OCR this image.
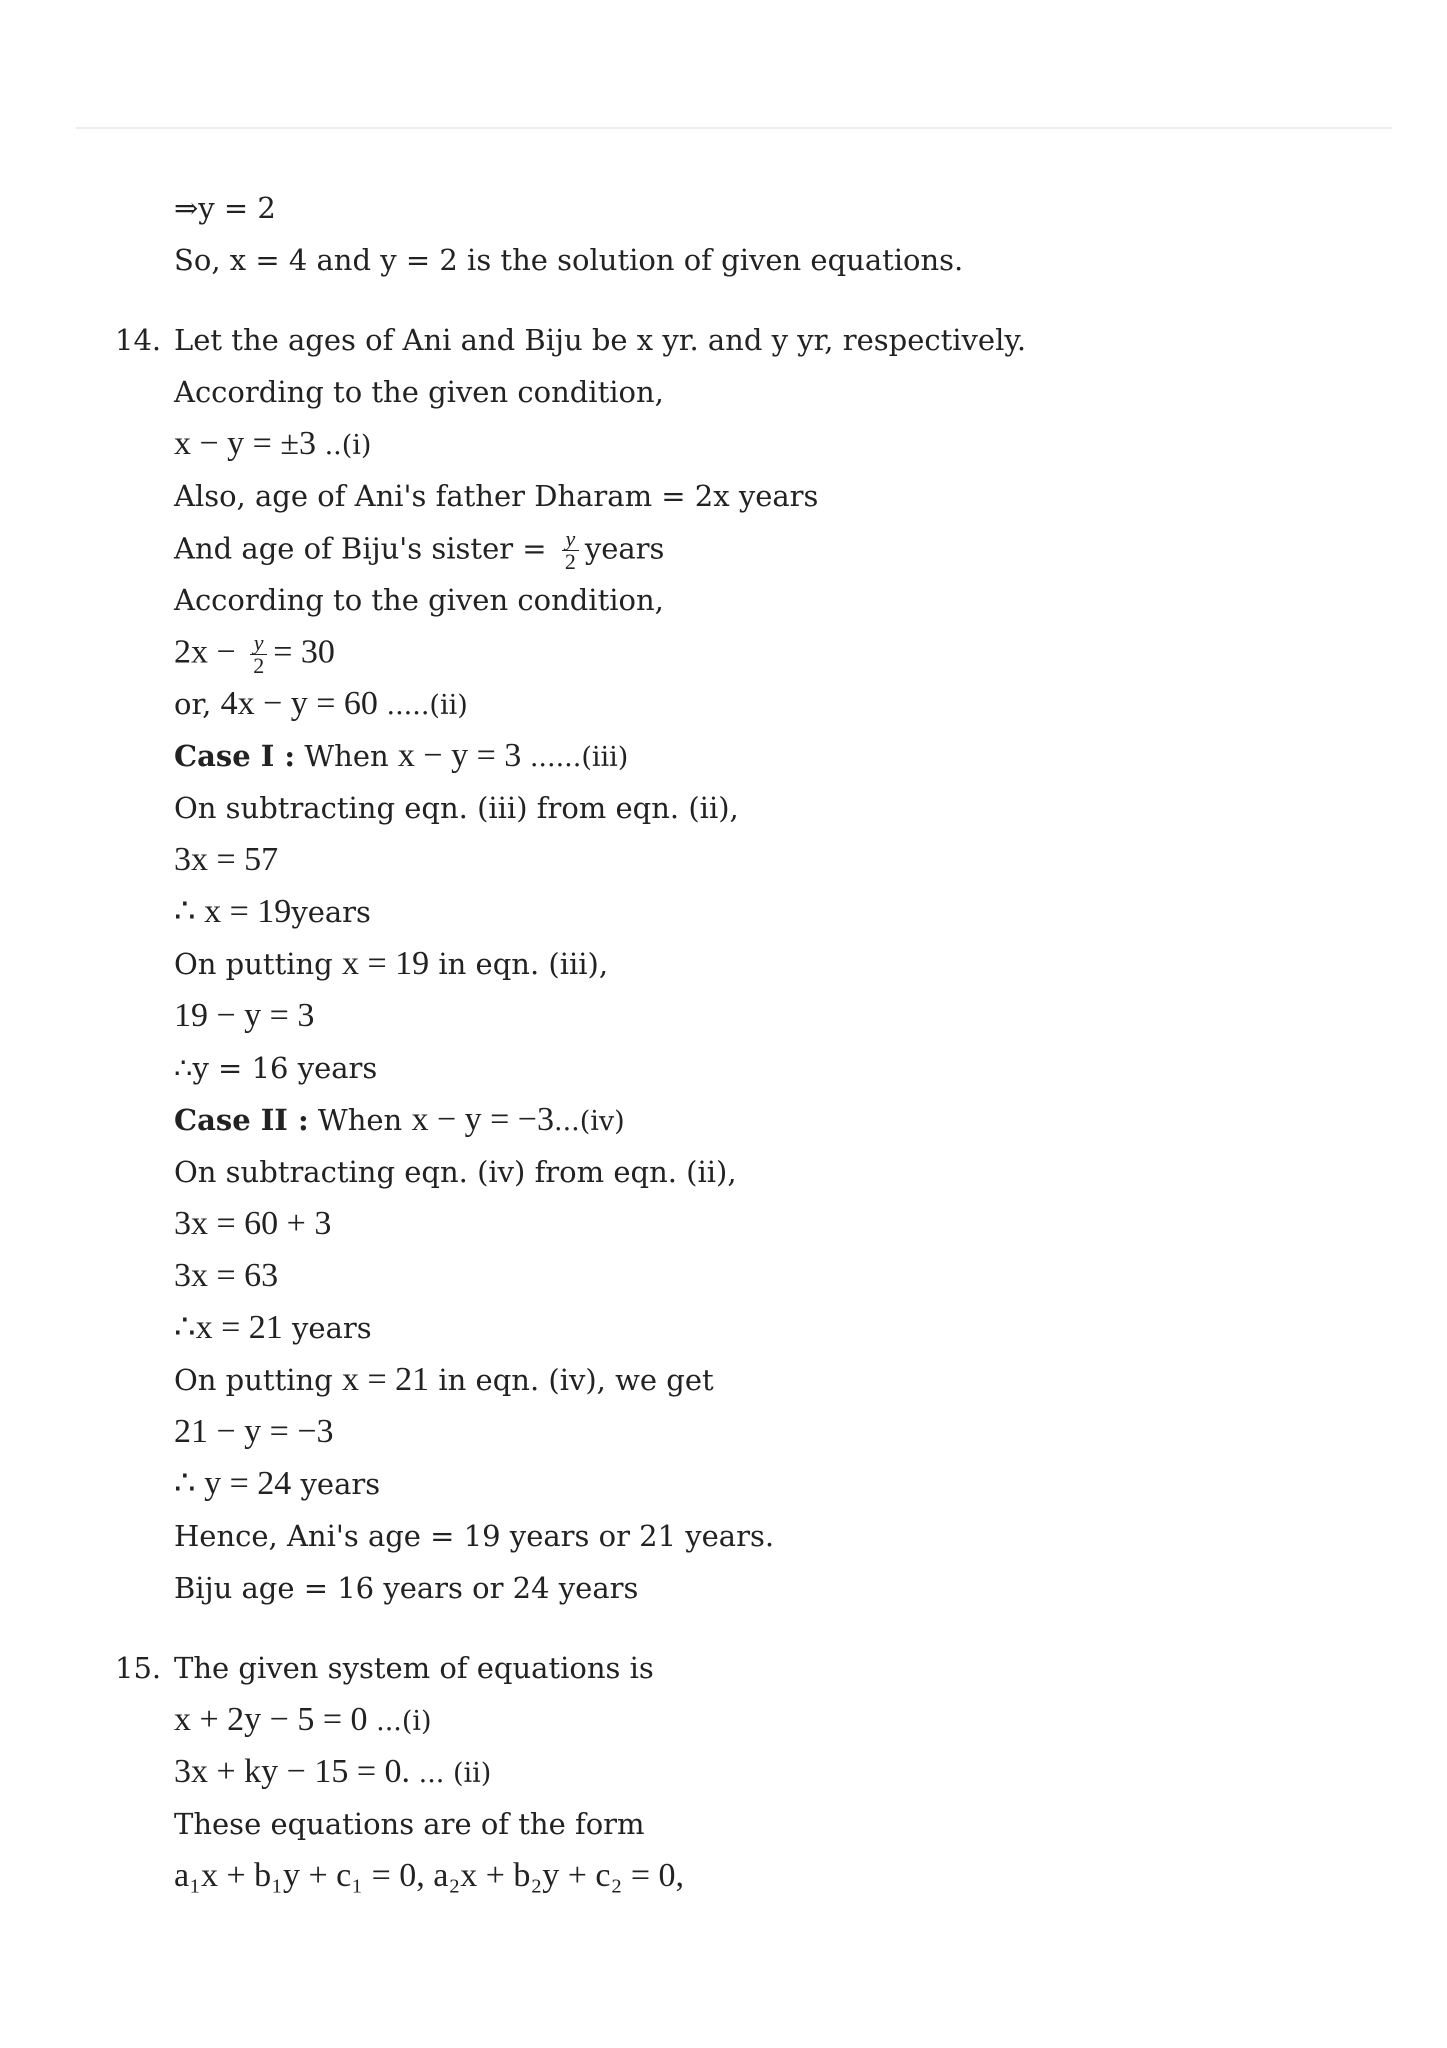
⇒y = 2
So, x = 4 and y = 2 is the solution of given equations.
14. Let the ages of Ani and Biju be x yr. and y yr, respectively.
According to the given condition,
x − y = ±3 ..(i)
Also, age of Ani's father Dharam = 2x years
And age of Biju's sister = $\frac{y}{2}$ years
According to the given condition,
$2x - \frac{y}{2} = 30$
or, 4x − y = 60 .....(ii)
Case I : When x − y = 3 ......(iii)
On subtracting eqn. (iii) from eqn. (ii),
3x = 57
∴ x = 19years
On putting x = 19 in eqn. (iii),
19 − y = 3
∴y = 16 years
Case II : When x − y = −3...(iv)
On subtracting eqn. (iv) from eqn. (ii),
3x = 60 + 3
3x = 63
∴x = 21 years
On putting x = 21 in eqn. (iv), we get
21 − y = −3
∴ y = 24 years
Hence, Ani's age = 19 years or 21 years.
Biju age = 16 years or 24 years
15. The given system of equations is
x + 2y − 5 = 0 ...(i)
3x + ky − 15 = 0. ... (ii)
These equations are of the form
a₁x + b₁y + c₁ = 0, a₂x + b₂y + c₂ = 0,
